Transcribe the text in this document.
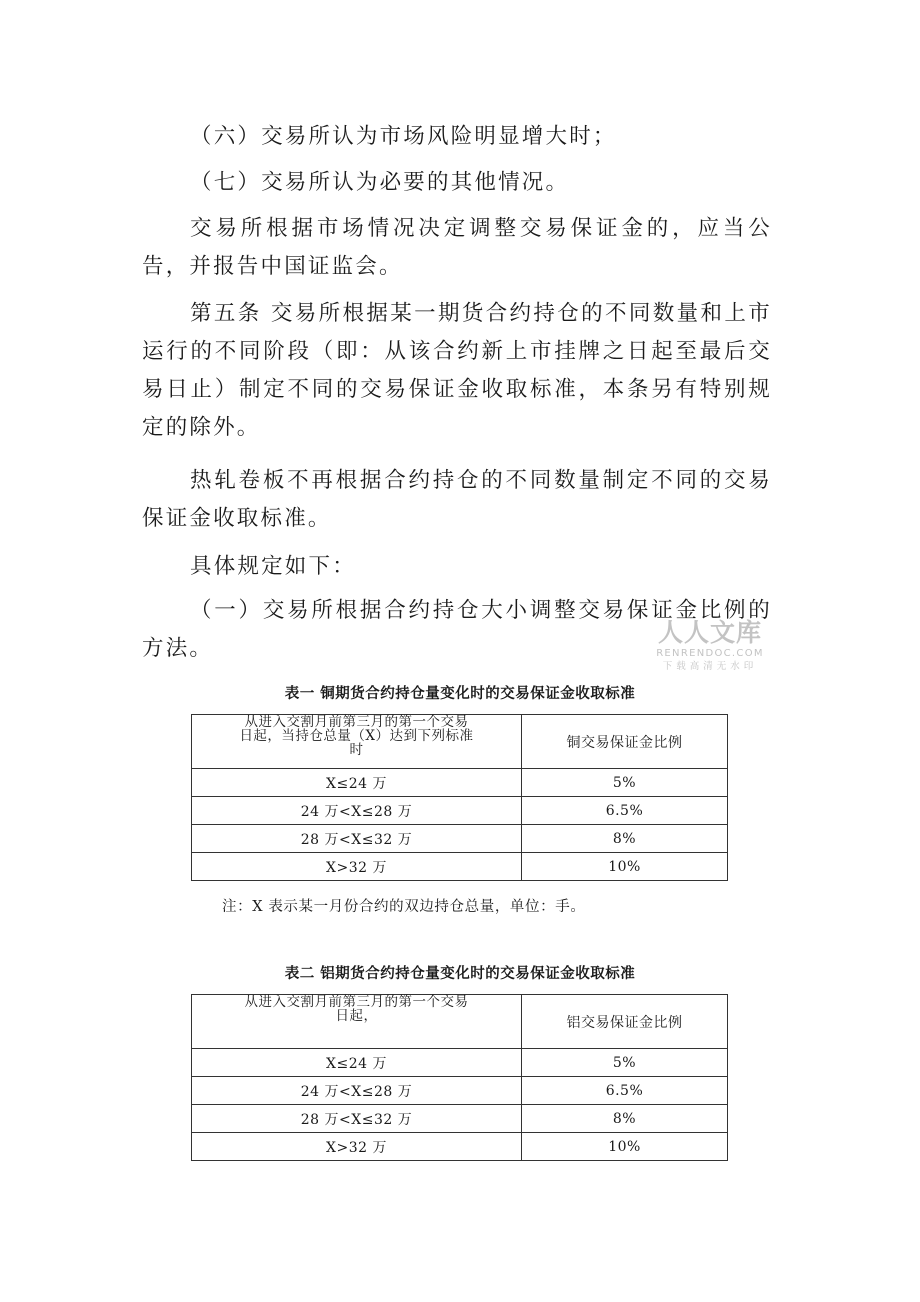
（六）交易所认为市场风险明显增大时；

（七）交易所认为必要的其他情况。

交易所根据市场情况决定调整交易保证金的，应当公告，并报告中国证监会。

第五条 交易所根据某一期货合约持仓的不同数量和上市运行的不同阶段（即：从该合约新上市挂牌之日起至最后交易日止）制定不同的交易保证金收取标准，本条另有特别规定的除外。

热轧卷板不再根据合约持仓的不同数量制定不同的交易保证金收取标准。

具体规定如下：

（一）交易所根据合约持仓大小调整交易保证金比例的方法。

人人文库
RENRENDOC.COM
下载高清无水印
表一 铜期货合约持仓量变化时的交易保证金收取标准
从进入交割月前第三月的第一个交易
日起，当持仓总量（X）达到下列标准
时	铜交易保证金比例
X≤24 万	5%
24 万<X≤28 万	6.5%
28 万<X≤32 万	8%
X>32 万	10%
注：X 表示某一月份合约的双边持仓总量，单位：手。
表二 铝期货合约持仓量变化时的交易保证金收取标准
从进入交割月前第三月的第一个交易
日起，	铝交易保证金比例
X≤24 万	5%
24 万<X≤28 万	6.5%
28 万<X≤32 万	8%
X>32 万	10%
